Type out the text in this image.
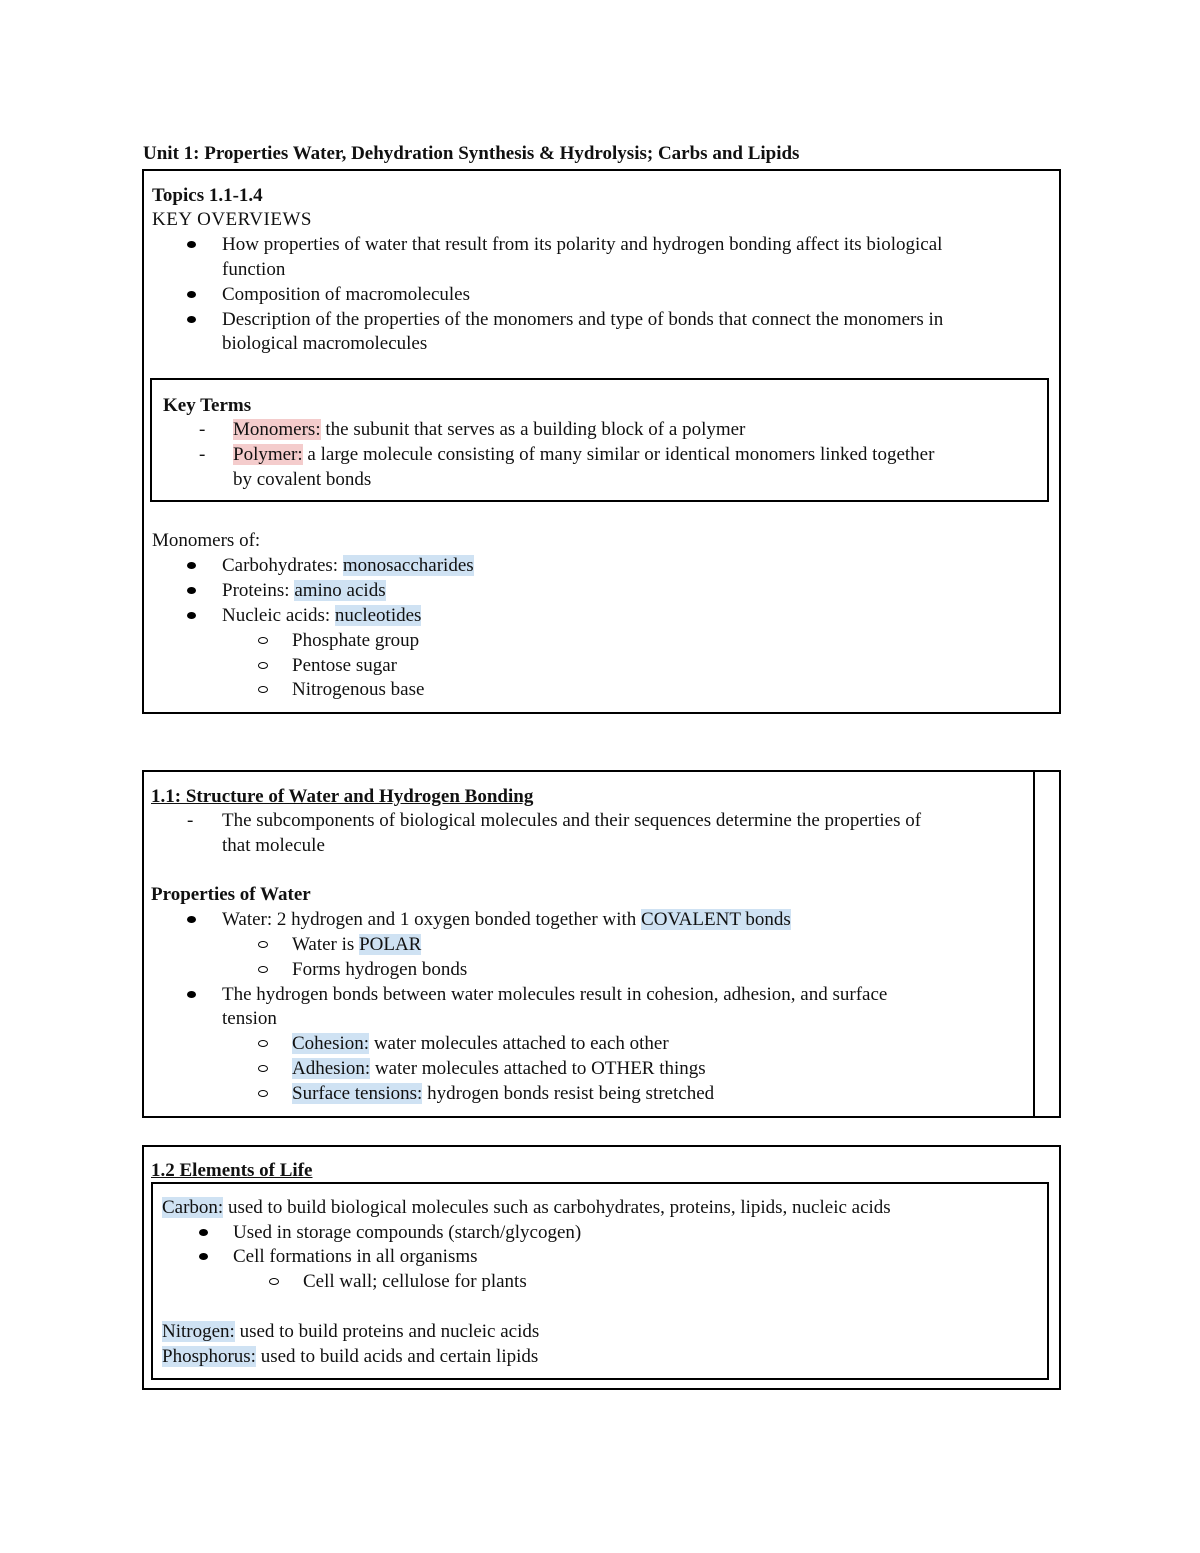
Unit 1: Properties Water, Dehydration Synthesis & Hydrolysis; Carbs and Lipids
Topics 1.1-1.4
KEY OVERVIEWS
How properties of water that result from its polarity and hydrogen bonding affect its biological
function
Composition of macromolecules
Description of the properties of the monomers and type of bonds that connect the monomers in
biological macromolecules
Key Terms
- Monomers: the subunit that serves as a building block of a polymer
- Polymer: a large molecule consisting of many similar or identical monomers linked together
by covalent bonds
Monomers of:
Carbohydrates: monosaccharides
Proteins: amino acids
Nucleic acids: nucleotides
Phosphate group
Pentose sugar
Nitrogenous base
1.1: Structure of Water and Hydrogen Bonding
- The subcomponents of biological molecules and their sequences determine the properties of
that molecule
Properties of Water
Water: 2 hydrogen and 1 oxygen bonded together with COVALENT bonds
Water is POLAR
Forms hydrogen bonds
The hydrogen bonds between water molecules result in cohesion, adhesion, and surface
tension
Cohesion: water molecules attached to each other
Adhesion: water molecules attached to OTHER things
Surface tensions: hydrogen bonds resist being stretched
1.2 Elements of Life
Carbon: used to build biological molecules such as carbohydrates, proteins, lipids, nucleic acids
Used in storage compounds (starch/glycogen)
Cell formations in all organisms
Cell wall; cellulose for plants
Nitrogen: used to build proteins and nucleic acids
Phosphorus: used to build acids and certain lipids
